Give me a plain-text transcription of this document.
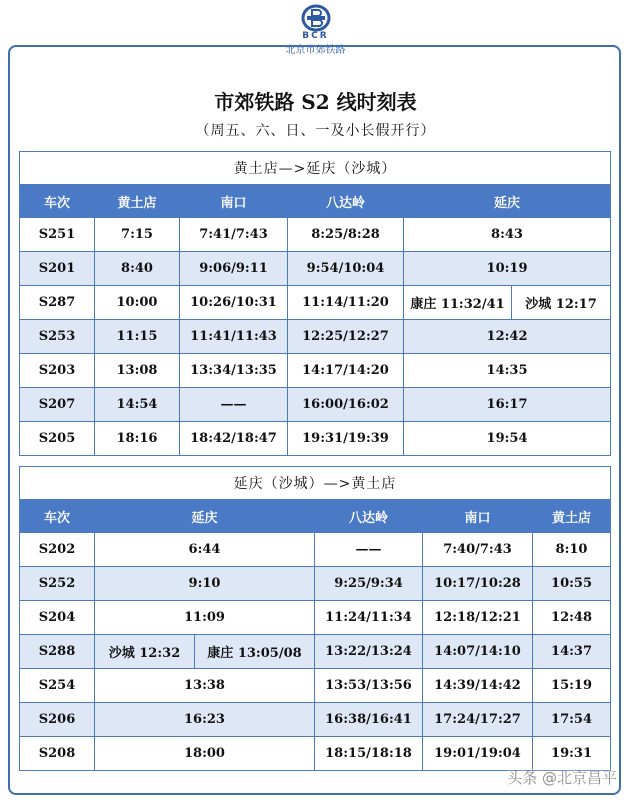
BCR
北京市郊铁路
市郊铁路 S2 线时刻表
（周五、六、日、一及小长假开行）
黄土店—>延庆（沙城）					
车次	黄土店	南口	八达岭	延庆	
S251	7:15	7:41/7:43	8:25/8:28	8:43	
S201	8:40	9:06/9:11	9:54/10:04	10:19	
S287	10:00	10:26/10:31	11:14/11:20	康庄 11:32/41	沙城 12:17
S253	11:15	11:41/11:43	12:25/12:27	12:42	
S203	13:08	13:34/13:35	14:17/14:20	14:35	
S207	14:54	——	16:00/16:02	16:17	
S205	18:16	18:42/18:47	19:31/19:39	19:54	
延庆（沙城）—>黄土店					
车次	延庆		八达岭	南口	黄土店
S202	6:44		——	7:40/7:43	8:10
S252	9:10		9:25/9:34	10:17/10:28	10:55
S204	11:09		11:24/11:34	12:18/12:21	12:48
S288	沙城 12:32	康庄 13:05/08	13:22/13:24	14:07/14:10	14:37
S254	13:38		13:53/13:56	14:39/14:42	15:19
S206	16:23		16:38/16:41	17:24/17:27	17:54
S208	18:00		18:15/18:18	19:01/19:04	19:31
头条 @北京昌平
